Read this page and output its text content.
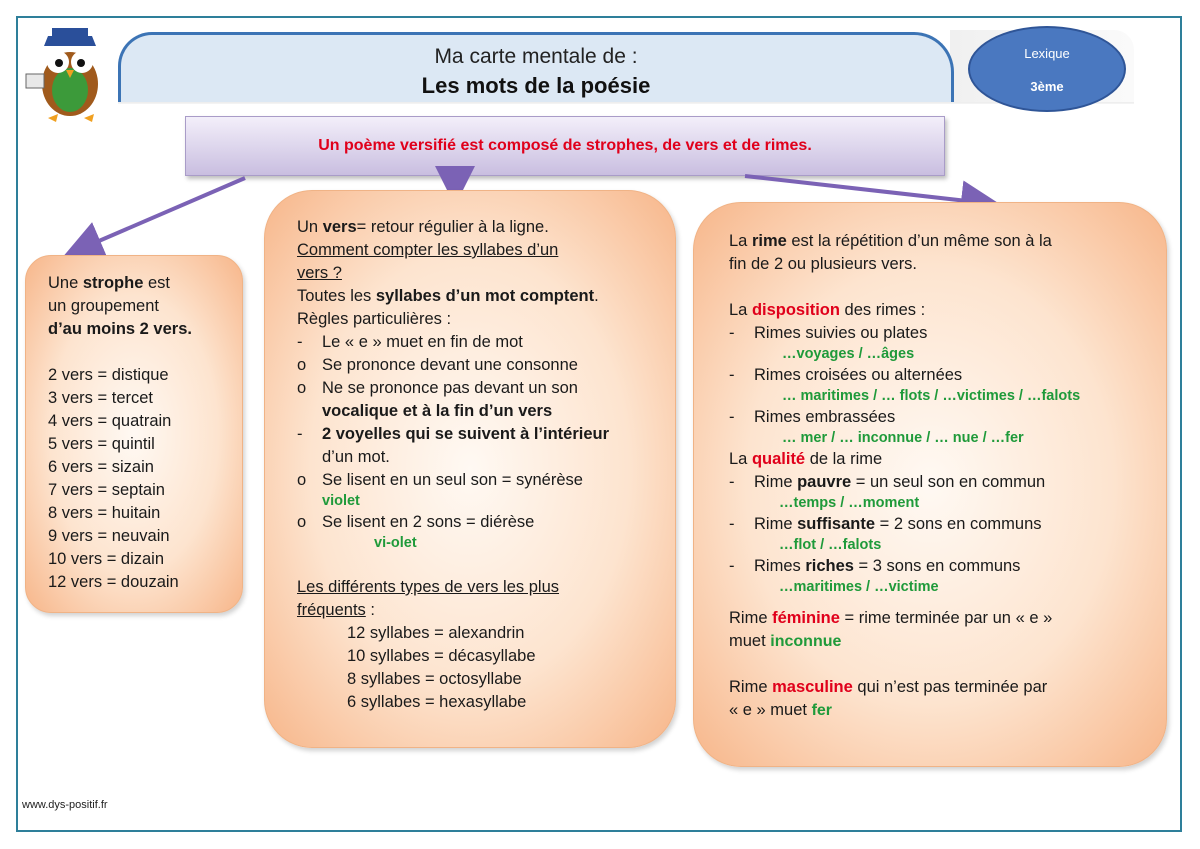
Ma carte mentale de :
Les mots de la poésie
Lexique
3ème
Un poème versifié est composé de strophes, de vers et de rimes.
Une strophe est
un groupement
d’au moins 2 vers.
2 vers = distique
3 vers = tercet
4 vers = quatrain
5 vers = quintil
6 vers = sizain
7 vers = septain
8 vers = huitain
9 vers = neuvain
10 vers = dizain
12 vers = douzain
Un vers= retour régulier à la ligne.
Comment compter les syllabes d’un
vers ?
Toutes les syllabes d’un mot comptent.
Règles particulières :
- Le « e » muet en fin de mot
o Se prononce devant une consonne
o Ne se prononce pas devant un son
vocalique et à la fin d’un vers
- 2 voyelles qui se suivent à l’intérieur
d’un mot.
o Se lisent en un seul son = synérèse
violet
o Se lisent en 2 sons = diérèse
vi-olet
Les différents types de vers les plus
fréquents :
12 syllabes = alexandrin
10 syllabes = décasyllabe
8 syllabes = octosyllabe
6 syllabes = hexasyllabe
La rime est la répétition d’un même son à la
fin de 2 ou plusieurs vers.
La disposition des rimes :
- Rimes suivies ou plates
…voyages / …âges
- Rimes croisées ou alternées
… maritimes / … flots / …victimes / …falots
- Rimes embrassées
… mer / … inconnue / … nue / …fer
La qualité de la rime
- Rime pauvre = un seul son en commun
…temps / …moment
- Rime suffisante = 2 sons en communs
…flot / …falots
- Rimes riches = 3 sons en communs
…maritimes / …victime
Rime féminine = rime terminée par un « e »
muet inconnue
Rime masculine qui n’est pas terminée par
« e » muet fer
www.dys-positif.fr
